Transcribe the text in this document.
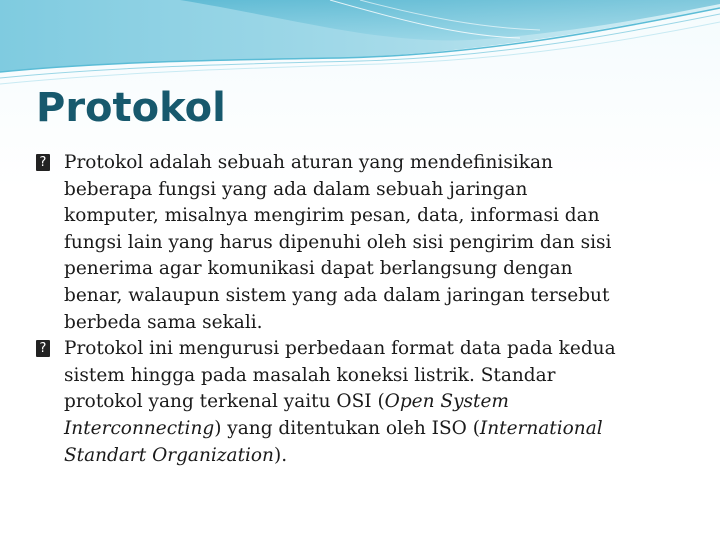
Protokol
? Protokol adalah sebuah aturan yang mendefinisikan
beberapa fungsi yang ada dalam sebuah jaringan
komputer, misalnya mengirim pesan, data, informasi dan
fungsi lain yang harus dipenuhi oleh sisi pengirim dan sisi
penerima agar komunikasi dapat berlangsung dengan
benar, walaupun sistem yang ada dalam jaringan tersebut
berbeda sama sekali.
? Protokol ini mengurusi perbedaan format data pada kedua
sistem hingga pada masalah koneksi listrik. Standar
protokol yang terkenal yaitu OSI (Open System
Interconnecting) yang ditentukan oleh ISO (International
Standart Organization).
